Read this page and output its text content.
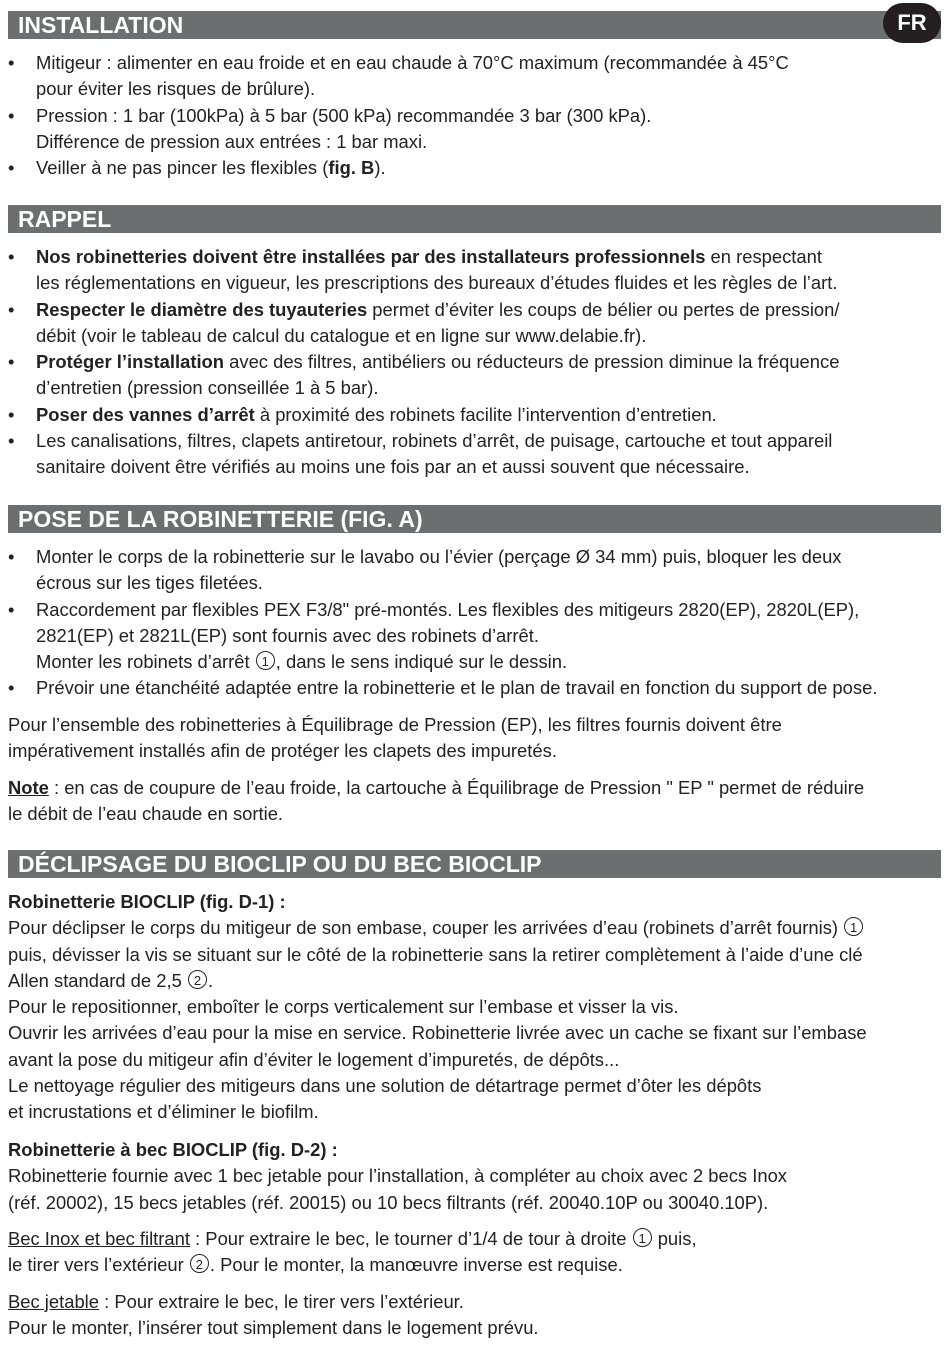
INSTALLATION	FR
• Mitigeur : alimenter en eau froide et en eau chaude à 70°C maximum (recommandée à 45°C
pour éviter les risques de brûlure).
• Pression : 1 bar (100kPa) à 5 bar (500 kPa) recommandée 3 bar (300 kPa).
Différence de pression aux entrées : 1 bar maxi.
• Veiller à ne pas pincer les flexibles (fig. B).
RAPPEL
• Nos robinetteries doivent être installées par des installateurs professionnels en respectant
les réglementations en vigueur, les prescriptions des bureaux d’études fluides et les règles de l’art.
• Respecter le diamètre des tuyauteries permet d’éviter les coups de bélier ou pertes de pression/
débit (voir le tableau de calcul du catalogue et en ligne sur www.delabie.fr).
• Protéger l’installation avec des filtres, antibéliers ou réducteurs de pression diminue la fréquence
d’entretien (pression conseillée 1 à 5 bar).
• Poser des vannes d’arrêt à proximité des robinets facilite l’intervention d’entretien.
• Les canalisations, filtres, clapets antiretour, robinets d’arrêt, de puisage, cartouche et tout appareil
sanitaire doivent être vérifiés au moins une fois par an et aussi souvent que nécessaire.
POSE DE LA ROBINETTERIE (FIG. A)
• Monter le corps de la robinetterie sur le lavabo ou l’évier (perçage Ø 34 mm) puis, bloquer les deux
écrous sur les tiges filetées.
• Raccordement par flexibles PEX F3/8" pré-montés. Les flexibles des mitigeurs 2820(EP), 2820L(EP),
2821(EP) et 2821L(EP) sont fournis avec des robinets d’arrêt.
Monter les robinets d’arrêt 1 , dans le sens indiqué sur le dessin.
• Prévoir une étanchéité adaptée entre la robinetterie et le plan de travail en fonction du support de pose.

Pour l’ensemble des robinetteries à Équilibrage de Pression (EP), les filtres fournis doivent être
impérativement installés afin de protéger les clapets des impuretés.

Note : en cas de coupure de l’eau froide, la cartouche à Équilibrage de Pression " EP " permet de réduire
le débit de l’eau chaude en sortie.

DÉCLIPSAGE DU BIOCLIP OU DU BEC BIOCLIP

Robinetterie BIOCLIP (fig. D-1) :
Pour déclipser le corps du mitigeur de son embase, couper les arrivées d’eau (robinets d’arrêt fournis) 1
puis, dévisser la vis se situant sur le côté de la robinetterie sans la retirer complètement à l’aide d’une clé
Allen standard de 2,5 2 .
Pour le repositionner, emboîter le corps verticalement sur l’embase et visser la vis.
Ouvrir les arrivées d’eau pour la mise en service. Robinetterie livrée avec un cache se fixant sur l’embase
avant la pose du mitigeur afin d’éviter le logement d’impuretés, de dépôts...
Le nettoyage régulier des mitigeurs dans une solution de détartrage permet d’ôter les dépôts
et incrustations et d’éliminer le biofilm.

Robinetterie à bec BIOCLIP (fig. D-2) :
Robinetterie fournie avec 1 bec jetable pour l’installation, à compléter au choix avec 2 becs Inox
(réf. 20002), 15 becs jetables (réf. 20015) ou 10 becs filtrants (réf. 20040.10P ou 30040.10P).

Bec Inox et bec filtrant : Pour extraire le bec, le tourner d’1/4 de tour à droite 1 puis,
le tirer vers l’extérieur 2 . Pour le monter, la manœuvre inverse est requise.

Bec jetable : Pour extraire le bec, le tirer vers l’extérieur.
Pour le monter, l’insérer tout simplement dans le logement prévu.
